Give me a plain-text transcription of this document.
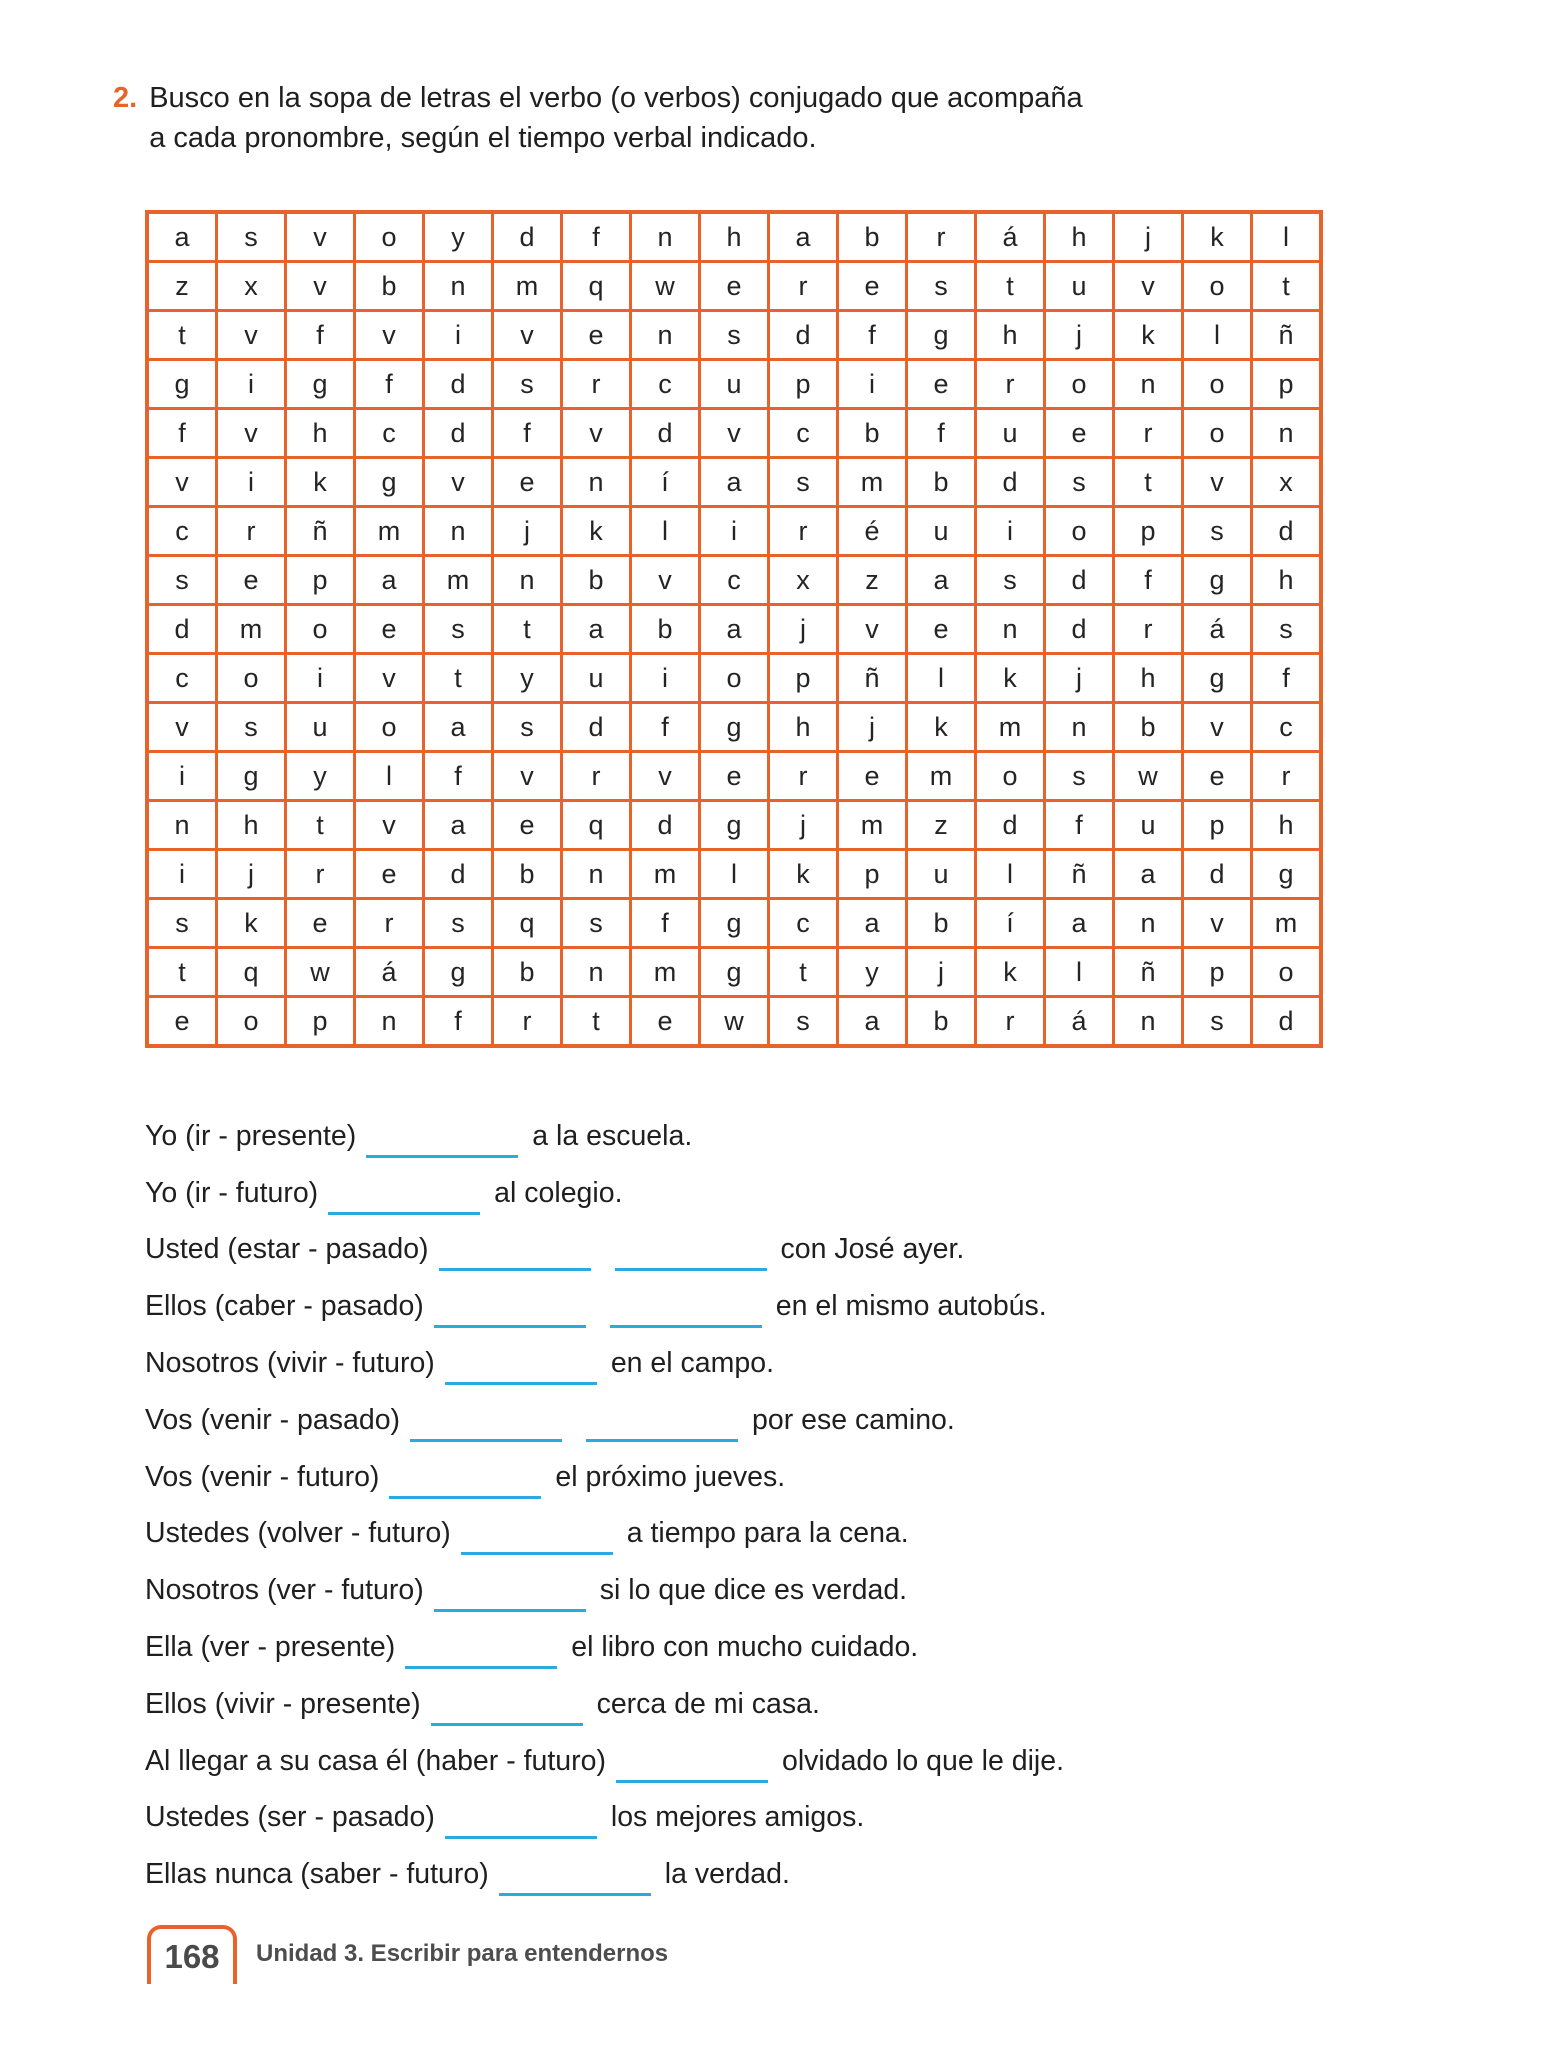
2. Busco en la sopa de letras el verbo (o verbos) conjugado que acompaña a cada pronombre, según el tiempo verbal indicado.
a	s	v	o	y	d	f	n	h	a	b	r	á	h	j	k	l
z	x	v	b	n	m	q	w	e	r	e	s	t	u	v	o	t
t	v	f	v	i	v	e	n	s	d	f	g	h	j	k	l	ñ
g	i	g	f	d	s	r	c	u	p	i	e	r	o	n	o	p
f	v	h	c	d	f	v	d	v	c	b	f	u	e	r	o	n
v	i	k	g	v	e	n	í	a	s	m	b	d	s	t	v	x
c	r	ñ	m	n	j	k	l	i	r	é	u	i	o	p	s	d
s	e	p	a	m	n	b	v	c	x	z	a	s	d	f	g	h
d	m	o	e	s	t	a	b	a	j	v	e	n	d	r	á	s
c	o	i	v	t	y	u	i	o	p	ñ	l	k	j	h	g	f
v	s	u	o	a	s	d	f	g	h	j	k	m	n	b	v	c
i	g	y	l	f	v	r	v	e	r	e	m	o	s	w	e	r
n	h	t	v	a	e	q	d	g	j	m	z	d	f	u	p	h
i	j	r	e	d	b	n	m	l	k	p	u	l	ñ	a	d	g
s	k	e	r	s	q	s	f	g	c	a	b	í	a	n	v	m
t	q	w	á	g	b	n	m	g	t	y	j	k	l	ñ	p	o
e	o	p	n	f	r	t	e	w	s	a	b	r	á	n	s	d
Yo (ir - presente)	a la escuela.
Yo (ir - futuro)	al colegio.
Usted (estar - pasado)	con José ayer.
Ellos (caber - pasado)	en el mismo autobús.
Nosotros (vivir - futuro)	en el campo.
Vos (venir - pasado)	por ese camino.
Vos (venir - futuro)	el próximo jueves.
Ustedes (volver - futuro)	a tiempo para la cena.
Nosotros (ver - futuro)	si lo que dice es verdad.
Ella (ver - presente)	el libro con mucho cuidado.
Ellos (vivir - presente)	cerca de mi casa.
Al llegar a su casa él (haber - futuro)	olvidado lo que le dije.
Ustedes (ser - pasado)	los mejores amigos.
Ellas nunca (saber - futuro)	la verdad.
168 Unidad 3. Escribir para entendernos
